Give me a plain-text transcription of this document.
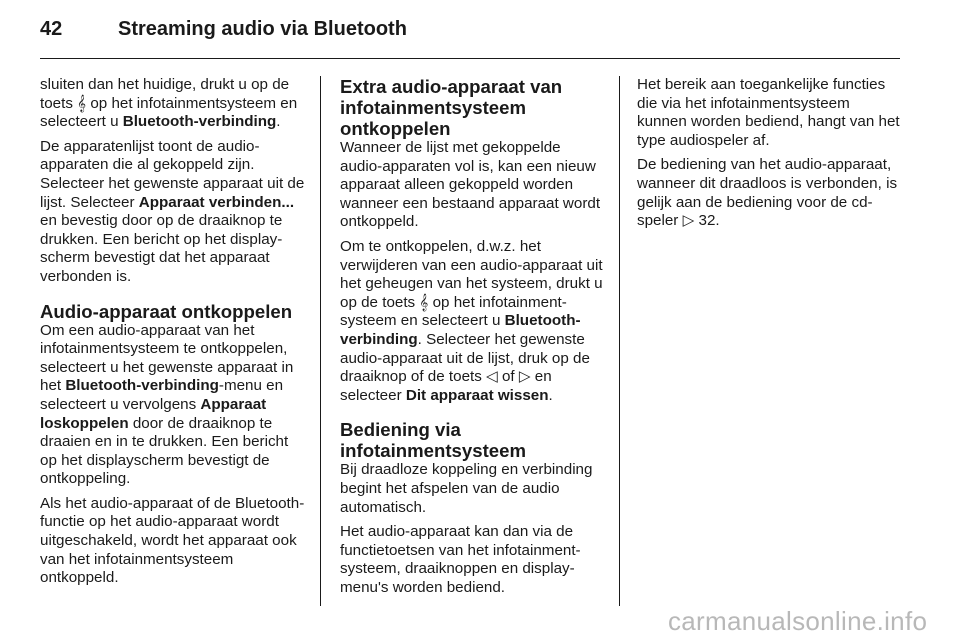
42	Streaming audio via Bluetooth

sluiten dan het huidige, drukt u op de toets 𝄞 op het infotainmentsysteem en selecteert u Bluetooth-verbinding.

De apparatenlijst toont de audio-apparaten die al gekoppeld zijn. Selecteer het gewenste apparaat uit de lijst. Selecteer Apparaat verbinden... en bevestig door op de draaiknop te drukken. Een bericht op het display-scherm bevestigt dat het apparaat verbonden is.

Audio-apparaat ontkoppelen

Om een audio-apparaat van het infotainmentsysteem te ontkoppelen, selecteert u het gewenste apparaat in het Bluetooth-verbinding-menu en selecteert u vervolgens Apparaat loskoppelen door de draaiknop te draaien en in te drukken. Een bericht op het displayscherm bevestigt de ontkoppeling.

Als het audio-apparaat of de Bluetooth-functie op het audio-apparaat wordt uitgeschakeld, wordt het apparaat ook van het infotainmentsysteem ontkoppeld.

Extra audio-apparaat van infotainmentsysteem ontkoppelen

Wanneer de lijst met gekoppelde audio-apparaten vol is, kan een nieuw apparaat alleen gekoppeld worden wanneer een bestaand apparaat wordt ontkoppeld.

Om te ontkoppelen, d.w.z. het verwijderen van een audio-apparaat uit het geheugen van het systeem, drukt u op de toets 𝄞 op het infotainment-systeem en selecteert u Bluetooth-verbinding. Selecteer het gewenste audio-apparaat uit de lijst, druk op de draaiknop of de toets ◁ of ▷ en selecteer Dit apparaat wissen.

Bediening via infotainmentsysteem

Bij draadloze koppeling en verbinding begint het afspelen van de audio automatisch.

Het audio-apparaat kan dan via de functietoetsen van het infotainment-systeem, draaiknoppen en display-menu's worden bediend.

Het bereik aan toegankelijke functies die via het infotainmentsysteem kunnen worden bediend, hangt van het type audiospeler af.

De bediening van het audio-apparaat, wanneer dit draadloos is verbonden, is gelijk aan de bediening voor de cd-speler ▷ 32.

carmanualsonline.info
